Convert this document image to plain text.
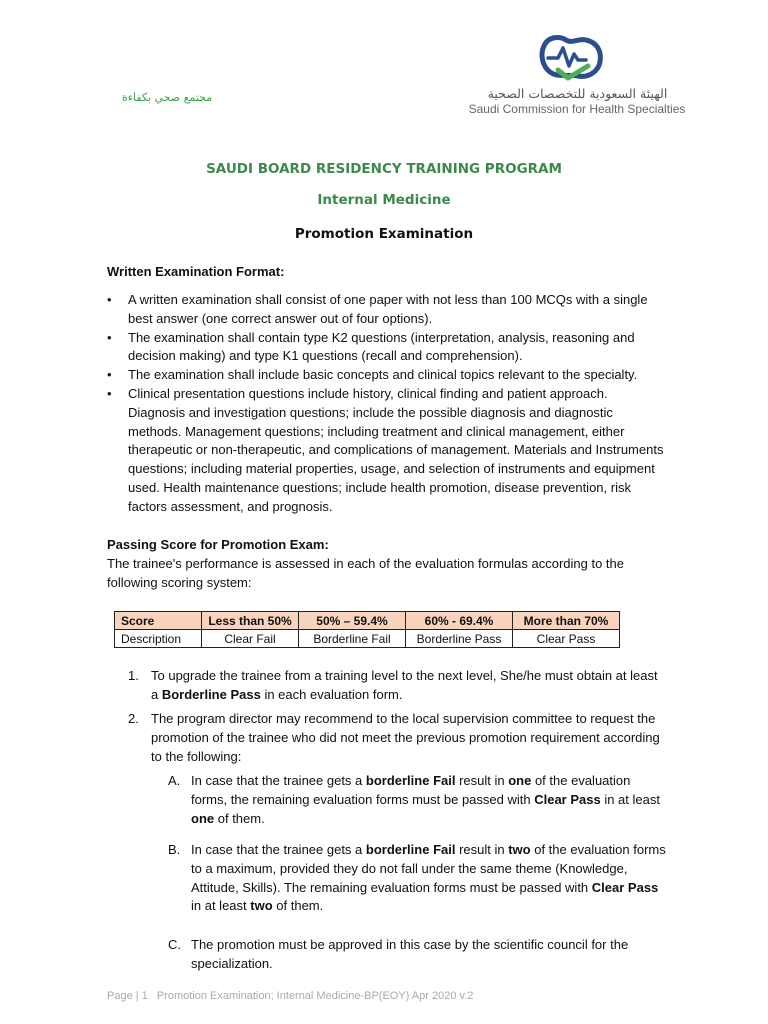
مجتمع صحي بكفاءة	الهيئة السعودية للتخصصات الصحية
Saudi Commission for Health Specialties
SAUDI BOARD RESIDENCY TRAINING PROGRAM
Internal Medicine
Promotion Examination
Written Examination Format:
• A written examination shall consist of one paper with not less than 100 MCQs with a single best answer (one correct answer out of four options).
• The examination shall contain type K2 questions (interpretation, analysis, reasoning and decision making) and type K1 questions (recall and comprehension).
• The examination shall include basic concepts and clinical topics relevant to the specialty.
• Clinical presentation questions include history, clinical finding and patient approach. Diagnosis and investigation questions; include the possible diagnosis and diagnostic methods. Management questions; including treatment and clinical management, either therapeutic or non-therapeutic, and complications of management. Materials and Instruments questions; including material properties, usage, and selection of instruments and equipment used. Health maintenance questions; include health promotion, disease prevention, risk factors assessment, and prognosis.
Passing Score for Promotion Exam:
The trainee's performance is assessed in each of the evaluation formulas according to the following scoring system:
Score	Less than 50%	50% – 59.4%	60% - 69.4%	More than 70%
Description	Clear Fail	Borderline Fail	Borderline Pass	Clear Pass
1. To upgrade the trainee from a training level to the next level, She/he must obtain at least a Borderline Pass in each evaluation form.
2. The program director may recommend to the local supervision committee to request the promotion of the trainee who did not meet the previous promotion requirement according to the following:
A. In case that the trainee gets a borderline Fail result in one of the evaluation forms, the remaining evaluation forms must be passed with Clear Pass in at least one of them.
B. In case that the trainee gets a borderline Fail result in two of the evaluation forms to a maximum, provided they do not fall under the same theme (Knowledge, Attitude, Skills). The remaining evaluation forms must be passed with Clear Pass in at least two of them.
C. The promotion must be approved in this case by the scientific council for the specialization.
Page | 1 Promotion Examination; Internal Medicine-BP(EOY) Apr 2020 v.2
